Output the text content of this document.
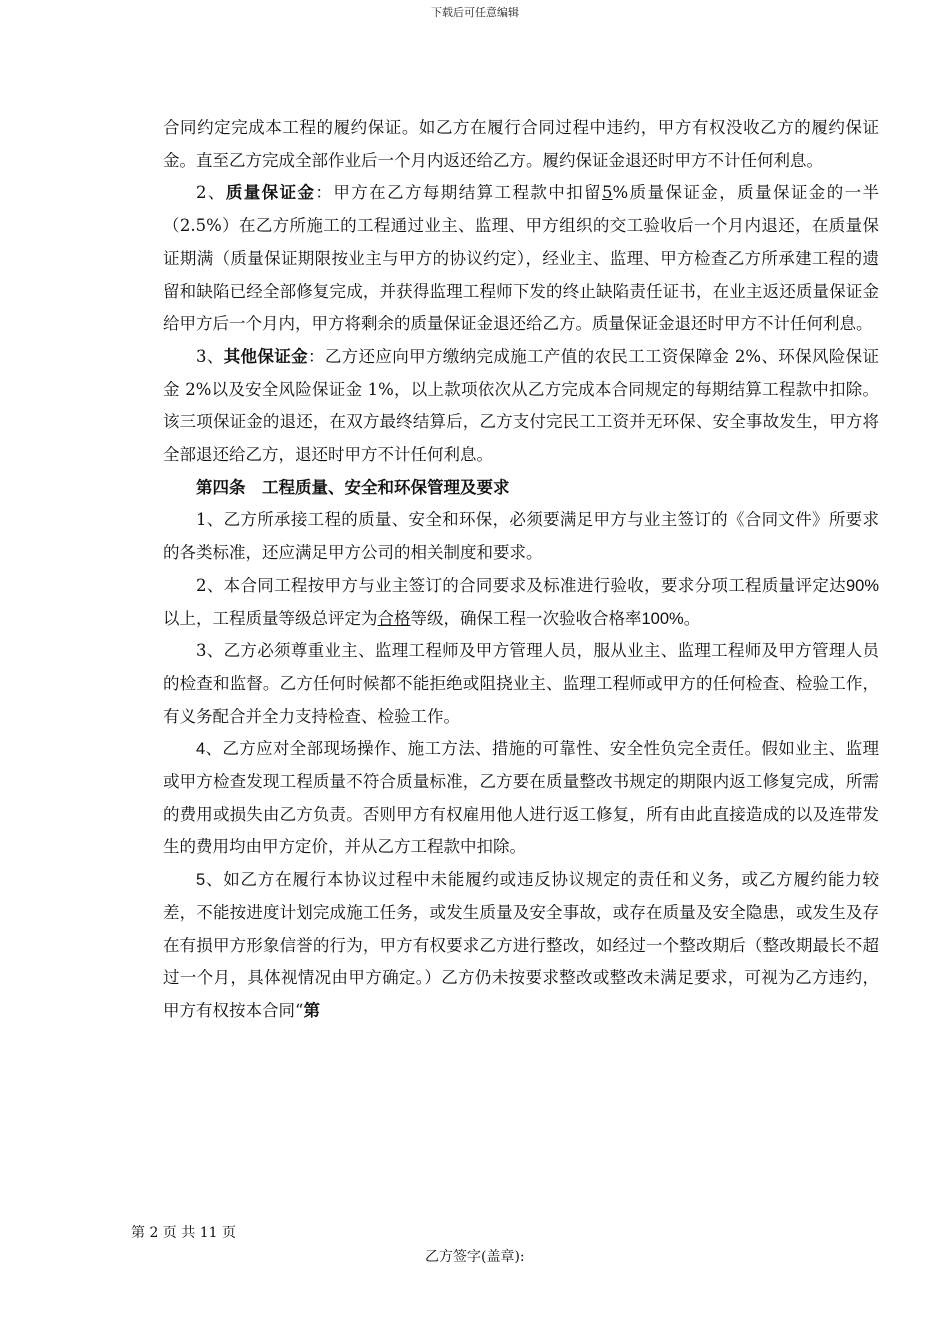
下载后可任意编辑

合同约定完成本工程的履约保证。如乙方在履行合同过程中违约，甲方有权没收乙方的履约保证金。直至乙方完成全部作业后一个月内返还给乙方。履约保证金退还时甲方不计任何利息。

2、质量保证金：甲方在乙方每期结算工程款中扣留5%质量保证金，质量保证金的一半（2.5%）在乙方所施工的工程通过业主、监理、甲方组织的交工验收后一个月内退还，在质量保证期满（质量保证期限按业主与甲方的协议约定），经业主、监理、甲方检查乙方所承建工程的遗留和缺陷已经全部修复完成，并获得监理工程师下发的终止缺陷责任证书，在业主返还质量保证金给甲方后一个月内，甲方将剩余的质量保证金退还给乙方。质量保证金退还时甲方不计任何利息。

3、其他保证金：乙方还应向甲方缴纳完成施工产值的农民工工资保障金 2%、环保风险保证金 2%以及安全风险保证金 1%，以上款项依次从乙方完成本合同规定的每期结算工程款中扣除。该三项保证金的退还，在双方最终结算后，乙方支付完民工工资并无环保、安全事故发生，甲方将全部退还给乙方，退还时甲方不计任何利息。

第四条　工程质量、安全和环保管理及要求

1、乙方所承接工程的质量、安全和环保，必须要满足甲方与业主签订的《合同文件》所要求的各类标准，还应满足甲方公司的相关制度和要求。

2、本合同工程按甲方与业主签订的合同要求及标准进行验收，要求分项工程质量评定达90%以上，工程质量等级总评定为合格等级，确保工程一次验收合格率100%。

3、乙方必须尊重业主、监理工程师及甲方管理人员，服从业主、监理工程师及甲方管理人员的检查和监督。乙方任何时候都不能拒绝或阻挠业主、监理工程师或甲方的任何检查、检验工作，有义务配合并全力支持检查、检验工作。

4、乙方应对全部现场操作、施工方法、措施的可靠性、安全性负完全责任。假如业主、监理或甲方检查发现工程质量不符合质量标准，乙方要在质量整改书规定的期限内返工修复完成，所需的费用或损失由乙方负责。否则甲方有权雇用他人进行返工修复，所有由此直接造成的以及连带发生的费用均由甲方定价，并从乙方工程款中扣除。

5、如乙方在履行本协议过程中未能履约或违反协议规定的责任和义务，或乙方履约能力较差，不能按进度计划完成施工任务，或发生质量及安全事故，或存在质量及安全隐患，或发生及存在有损甲方形象信誉的行为，甲方有权要求乙方进行整改，如经过一个整改期后（整改期最长不超过一个月，具体视情况由甲方确定。）乙方仍未按要求整改或整改未满足要求，可视为乙方违约，甲方有权按本合同“第

第 2 页 共 11 页
乙方签字(盖章):
